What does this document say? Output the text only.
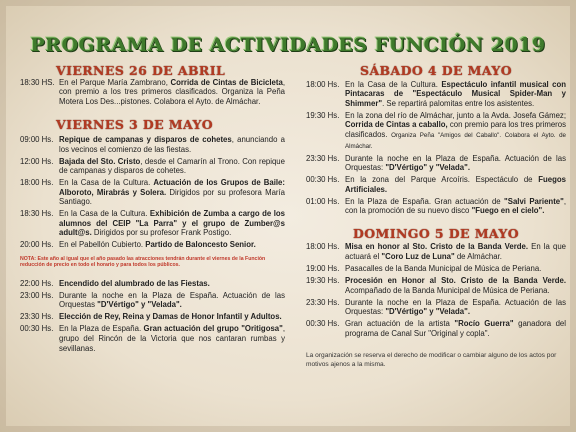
PROGRAMA DE ACTIVIDADES FUNCIÓN 2019
VIERNES 26 DE ABRIL
18:30 HS. En el Parque María Zambrano, Corrida de Cintas de Bicicleta, con premio a los tres primeros clasificados. Organiza la Peña Motera Los Des...pistones. Colabora el Ayto. de Almáchar.
VIERNES 3 DE MAYO
09:00 Hs. Repique de campanas y disparos de cohetes, anunciando a los vecinos el comienzo de las fiestas.
12:00 Hs. Bajada del Sto. Cristo, desde el Camarín al Trono. Con repique de campanas y disparos de cohetes.
18:00 Hs. En la Casa de la Cultura. Actuación de los Grupos de Baile: Alboroto, Mirabrás y Solera. Dirigidos por su profesora María Santiago.
18:30 Hs. En la Casa de la Cultura. Exhibición de Zumba a cargo de los alumnos del CEIP "La Parra" y el grupo de Zumber@s adult@s. Dirigidos por su profesor Frank Postigo.
20:00 Hs. En el Pabellón Cubierto. Partido de Baloncesto Senior.
NOTA: Este año al igual que el año pasado las atracciones tendrán durante el viernes de la Función reducción de precio en todo el horario y para todos los públicos.
22:00 Hs. Encendido del alumbrado de las Fiestas.
23:00 Hs. Durante la noche en la Plaza de España. Actuación de las Orquestas "D'Vértigo" y "Velada".
23:30 Hs. Elección de Rey, Reina y Damas de Honor Infantil y Adultos.
00:30 Hs. En la Plaza de España. Gran actuación del grupo "Oritigosa", grupo del Rincón de la Victoria que nos cantaran rumbas y sevillanas.
SÁBADO 4 DE MAYO
18:00 Hs. En la Casa de la Cultura. Espectáculo infantil musical con Pintacaras de "Espectáculo Musical Spider-Man y Shimmer". Se repartirá palomitas entre los asistentes.
19:30 Hs. En la zona del río de Almáchar, junto a la Avda. Josefa Gámez; Corrida de Cintas a caballo, con premio para los tres primeros clasificados. Organiza Peña "Amigos del Caballo". Colabora el Ayto. de Almáchar.
23:30 Hs. Durante la noche en la Plaza de España. Actuación de las Orquestas: "D'Vértigo" y "Velada".
00:30 Hs. En la zona del Parque Arcoíris. Espectáculo de Fuegos Artificiales.
01:00 Hs. En la Plaza de España. Gran actuación de "Salvi Pariente", con la promoción de su nuevo disco "Fuego en el cielo".
DOMINGO 5 DE MAYO
18:00 Hs. Misa en honor al Sto. Cristo de la Banda Verde. En la que actuará el "Coro Luz de Luna" de Almáchar.
19:00 Hs. Pasacalles de la Banda Municipal de Música de Periana.
19:30 Hs. Procesión en Honor al Sto. Cristo de la Banda Verde. Acompañado de la Banda Municipal de Música de Periana.
23:30 Hs. Durante la noche en la Plaza de España. Actuación de las Orquestas: "D'Vértigo" y "Velada".
00:30 Hs. Gran actuación de la artista "Rocío Guerra" ganadora del programa de Canal Sur "Original y copla".
La organización se reserva el derecho de modificar o cambiar alguno de los actos por motivos ajenos a la misma.
